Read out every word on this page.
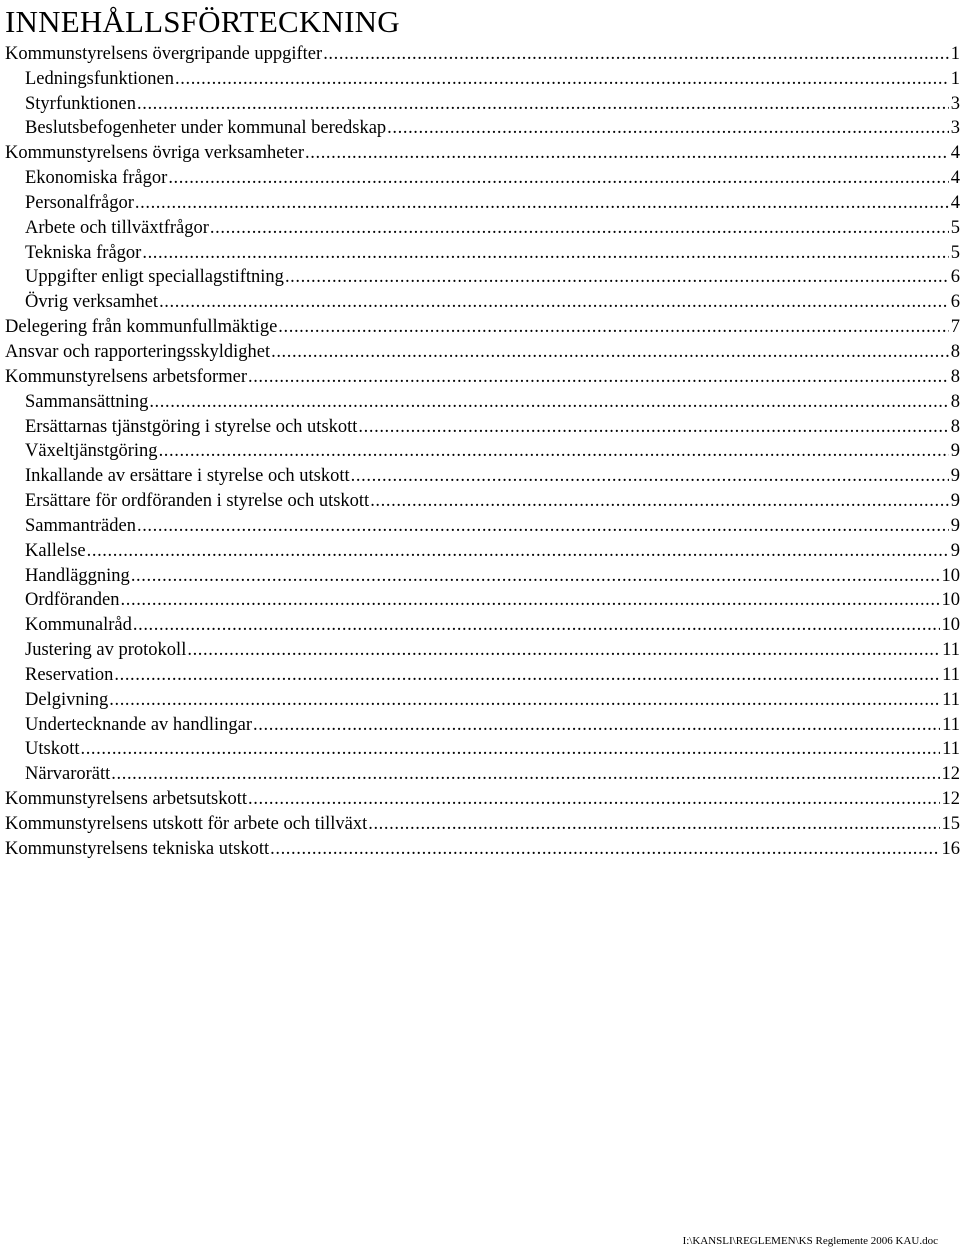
INNEHÅLLSFÖRTECKNING
Kommunstyrelsens övergripande uppgifter .....	1
Ledningsfunktionen .....	1
Styrfunktionen .....	3
Beslutsbefogenheter under kommunal beredskap .....	3
Kommunstyrelsens övriga verksamheter .....	4
Ekonomiska frågor .....	4
Personalfrågor .....	4
Arbete och tillväxtfrågor .....	5
Tekniska frågor .....	5
Uppgifter enligt speciallagstiftning .....	6
Övrig verksamhet .....	6
Delegering från kommunfullmäktige .....	7
Ansvar och rapporteringsskyldighet .....	8
Kommunstyrelsens arbetsformer .....	8
Sammansättning .....	8
Ersättarnas tjänstgöring i styrelse och utskott .....	8
Växeltjänstgöring .....	9
Inkallande av ersättare i styrelse och utskott .....	9
Ersättare för ordföranden i styrelse och utskott .....	9
Sammanträden .....	9
Kallelse .....	9
Handläggning .....	10
Ordföranden .....	10
Kommunalråd .....	10
Justering av protokoll .....	11
Reservation .....	11
Delgivning .....	11
Undertecknande av handlingar .....	11
Utskott .....	11
Närvarorätt .....	12
Kommunstyrelsens arbetsutskott .....	12
Kommunstyrelsens utskott för arbete och tillväxt .....	15
Kommunstyrelsens tekniska utskott .....	16
I:\KANSLI\REGLEMEN\KS Reglemente 2006 KAU.doc
